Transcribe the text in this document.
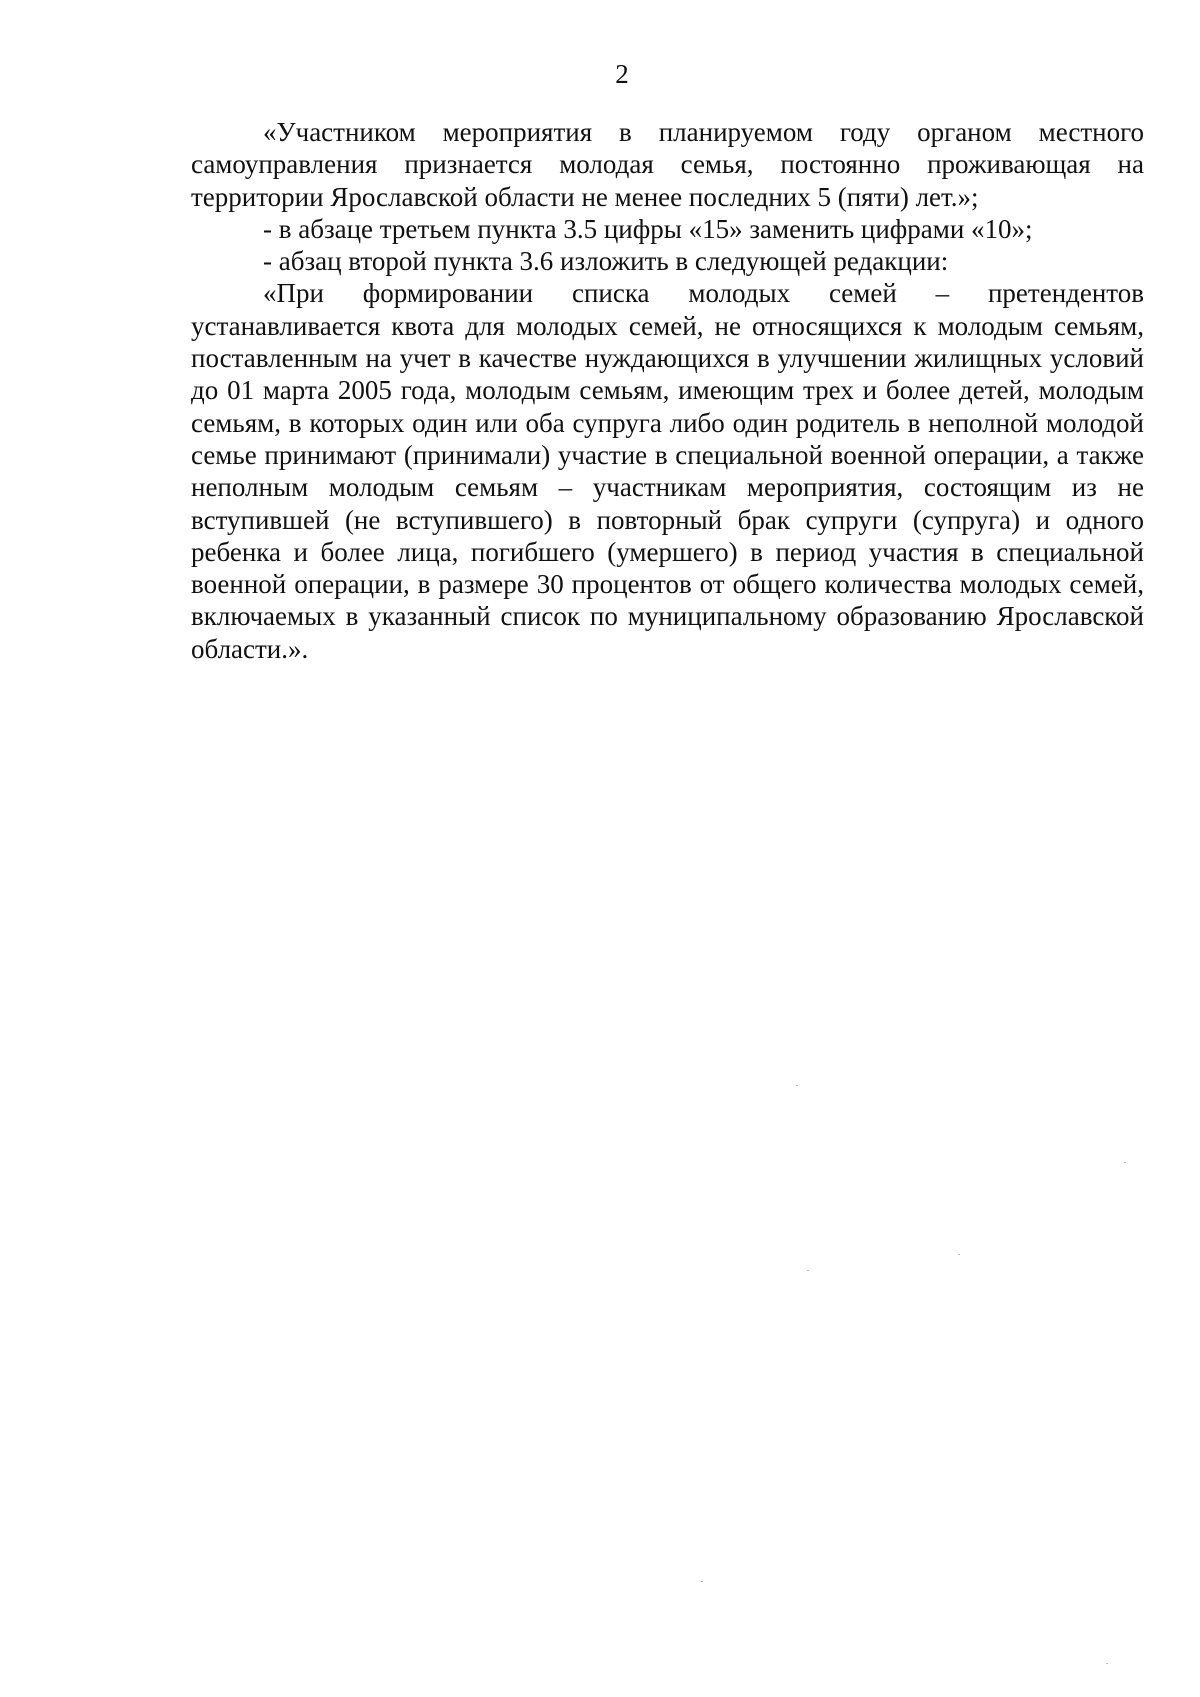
2

«Участником мероприятия в планируемом году органом местного самоуправления признается молодая семья, постоянно проживающая на территории Ярославской области не менее последних 5 (пяти) лет.»;

- в абзаце третьем пункта 3.5 цифры «15» заменить цифрами «10»;

- абзац второй пункта 3.6 изложить в следующей редакции:

«При формировании списка молодых семей – претендентов устанавливается квота для молодых семей, не относящихся к молодым семьям, поставленным на учет в качестве нуждающихся в улучшении жилищных условий до 01 марта 2005 года, молодым семьям, имеющим трех и более детей, молодым семьям, в которых один или оба супруга либо один родитель в неполной молодой семье принимают (принимали) участие в специальной военной операции, а также неполным молодым семьям – участникам мероприятия, состоящим из не вступившей (не вступившего) в повторный брак супруги (супруга) и одного ребенка и более лица, погибшего (умершего) в период участия в специальной военной операции, в размере 30 процентов от общего количества молодых семей, включаемых в указанный список по муниципальному образованию Ярославской области.».
